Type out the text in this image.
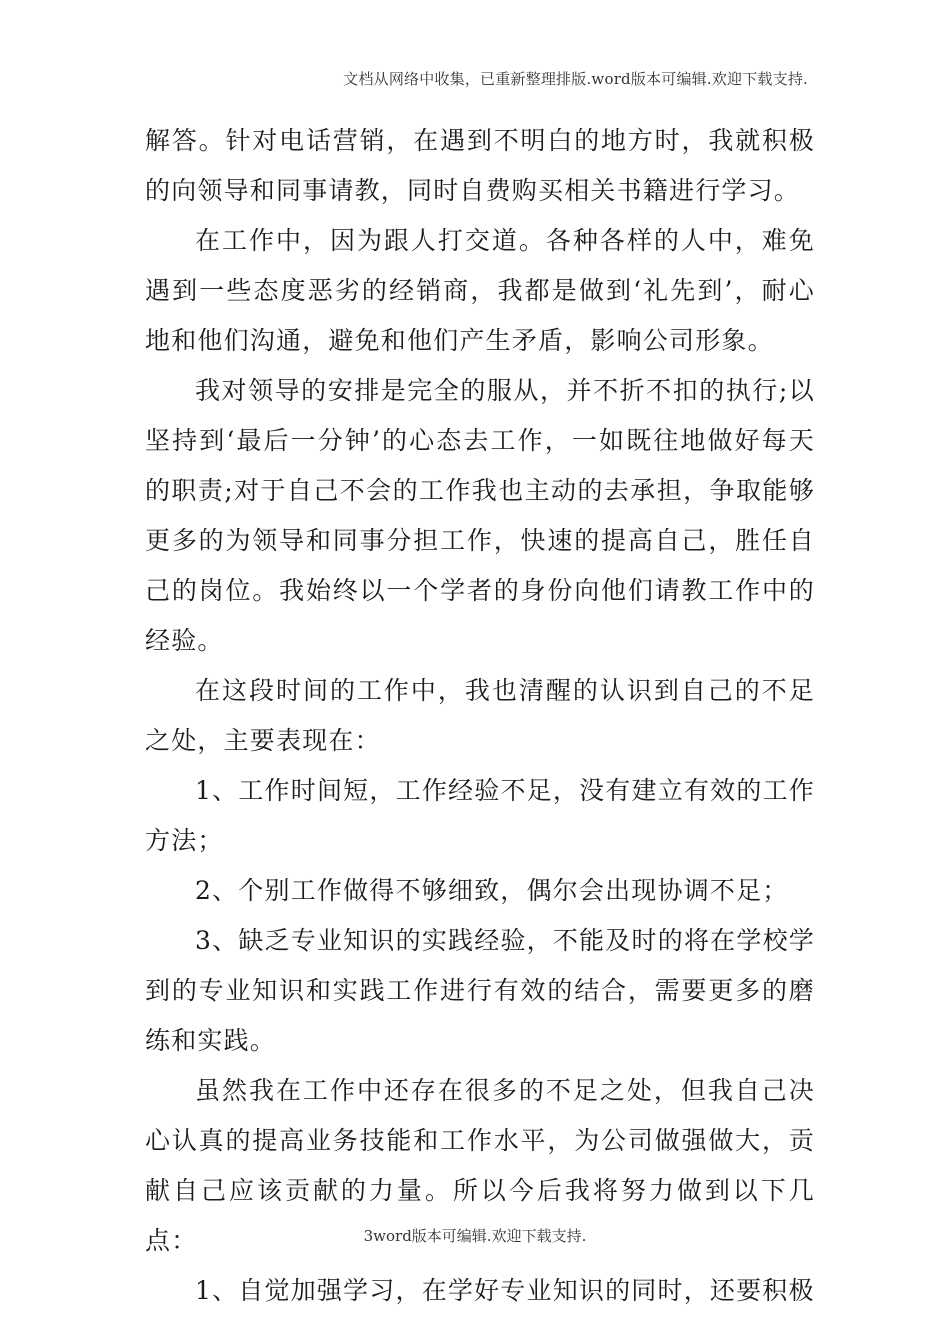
文档从网络中收集，已重新整理排版.word版本可编辑.欢迎下载支持.

解答。针对电话营销，在遇到不明白的地方时，我就积极的向领导和同事请教，同时自费购买相关书籍进行学习。

在工作中，因为跟人打交道。各种各样的人中，难免遇到一些态度恶劣的经销商，我都是做到‘礼先到’，耐心地和他们沟通，避免和他们产生矛盾，影响公司形象。

我对领导的安排是完全的服从，并不折不扣的执行;以坚持到‘最后一分钟’的心态去工作，一如既往地做好每天的职责;对于自己不会的工作我也主动的去承担，争取能够更多的为领导和同事分担工作，快速的提高自己，胜任自己的岗位。我始终以一个学者的身份向他们请教工作中的经验。

在这段时间的工作中，我也清醒的认识到自己的不足之处，主要表现在：

1、工作时间短，工作经验不足，没有建立有效的工作方法；

2、个别工作做得不够细致，偶尔会出现协调不足；

3、缺乏专业知识的实践经验，不能及时的将在学校学到的专业知识和实践工作进行有效的结合，需要更多的磨练和实践。

虽然我在工作中还存在很多的不足之处，但我自己决心认真的提高业务技能和工作水平，为公司做强做大，贡献自己应该贡献的力量。所以今后我将努力做到以下几点：

1、自觉加强学习，在学好专业知识的同时，还要积极

3word版本可编辑.欢迎下载支持.
